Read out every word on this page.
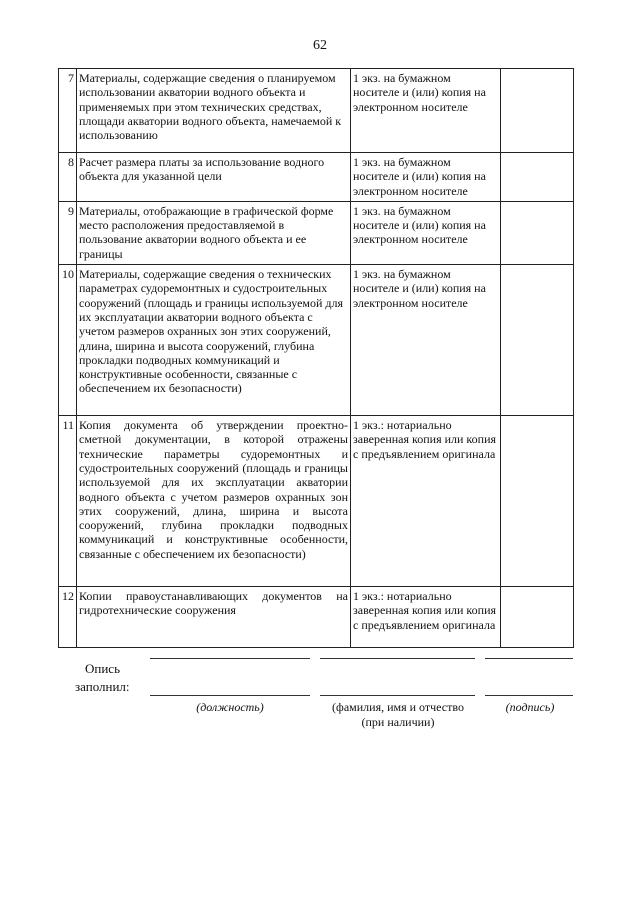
62
7	Материалы, содержащие сведения о планируемом использовании акватории водного объекта и применяемых при этом технических средствах, площади акватории водного объекта, намечаемой к использованию	1 экз. на бумажном носителе и (или) копия на электронном носителе	
8	Расчет размера платы за использование водного объекта для указанной цели	1 экз. на бумажном носителе и (или) копия на электронном носителе	
9	Материалы, отображающие в графической форме место расположения предоставляемой в пользование акватории водного объекта и ее границы	1 экз. на бумажном носителе и (или) копия на электронном носителе	
10	Материалы, содержащие сведения о технических параметрах судоремонтных и судостроительных сооружений (площадь и границы используемой для их эксплуатации акватории водного объекта с учетом размеров охранных зон этих сооружений, длина, ширина и высота сооружений, глубина прокладки подводных коммуникаций и конструктивные особенности, связанные с обеспечением их безопасности)	1 экз. на бумажном носителе и (или) копия на электронном носителе	
11	Копия документа об утверждении проектно-сметной документации, в которой отражены технические параметры судоремонтных и судостроительных сооружений (площадь и границы используемой для их эксплуатации акватории водного объекта с учетом размеров охранных зон этих сооружений, длина, ширина и высота сооружений, глубина прокладки подводных коммуникаций и конструктивные особенности, связанные с обеспечением их безопасности)	1 экз.: нотариально заверенная копия или копия с предъявлением оригинала	
12	Копии правоустанавливающих документов на гидротехнические сооружения	1 экз.: нотариально заверенная копия или копия с предъявлением оригинала	
Опись
заполнил:
(должность)	(фамилия, имя и отчество
(при наличии)
(подпись)
